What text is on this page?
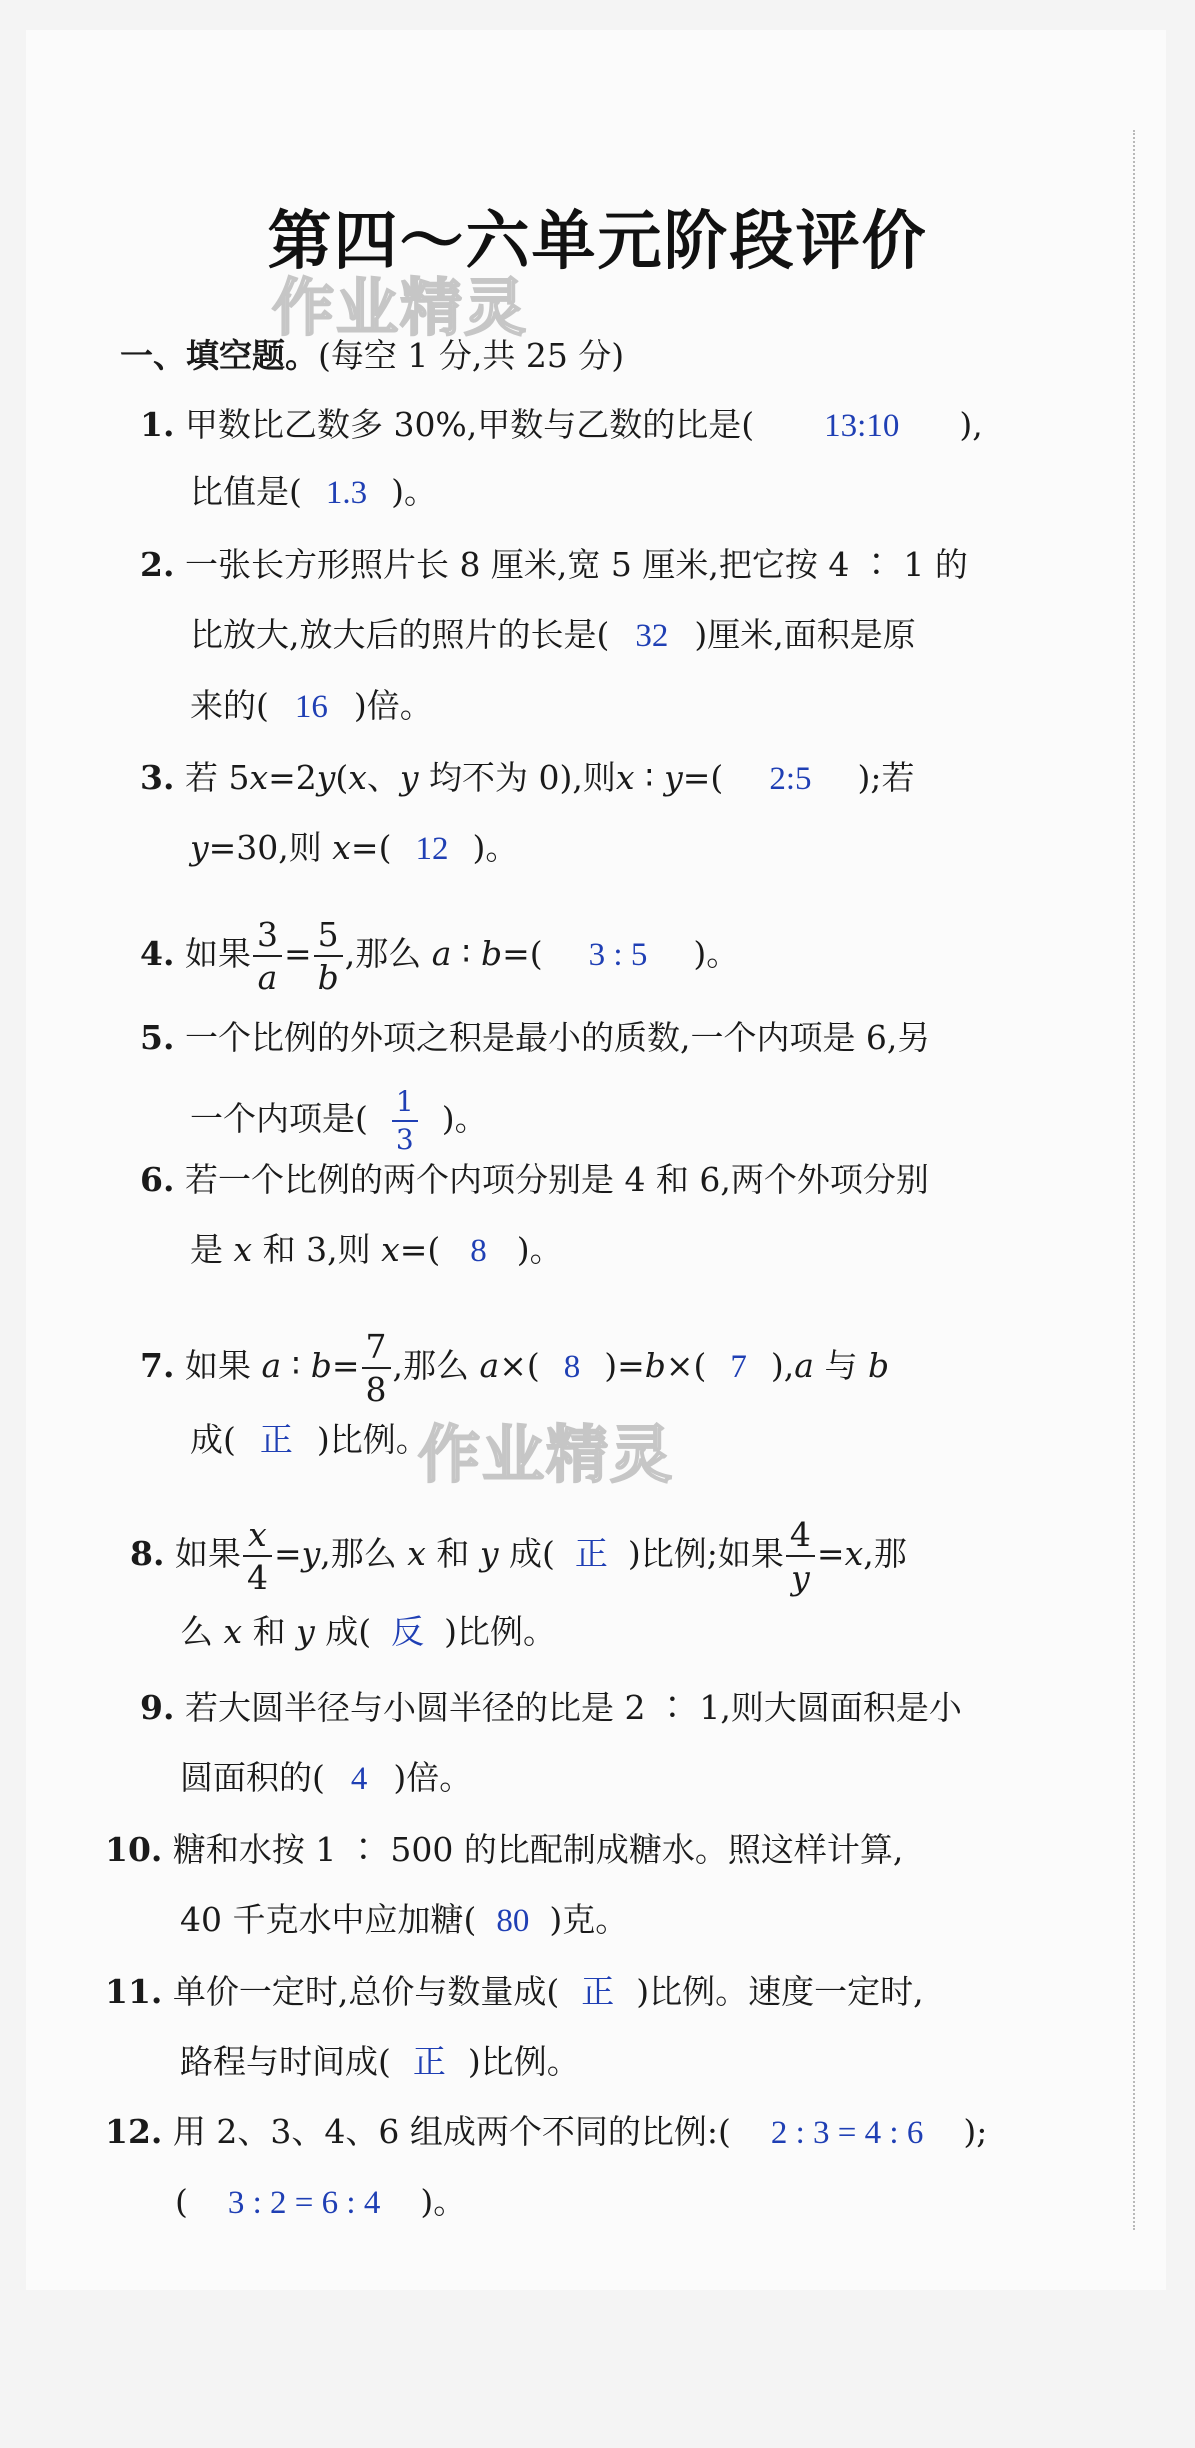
第四～六单元阶段评价
作业精灵
作业精灵
一、填空题。(每空 1 分,共 25 分)
1. 甲数比乙数多 30%,甲数与乙数的比是( 13:10 ),
比值是( 1.3 )。
2. 一张长方形照片长 8 厘米,宽 5 厘米,把它按 4 ∶ 1 的
比放大,放大后的照片的长是( 32 )厘米,面积是原
来的( 16 )倍。
3. 若 5x=2y(x、y 均不为 0),则x ∶ y=( 2:5 );若
y=30,则 x=( 12 )。
4. 如果 $\frac{3}{a} = \frac{5}{b}$ ,那么 a ∶ b=( 3 : 5 )。
5. 一个比例的外项之积是最小的质数,一个内项是 6,另
一个内项是( $\frac{1}{3}$ )。
6. 若一个比例的两个内项分别是 4 和 6,两个外项分别
是 x 和 3,则 x=( 8 )。
7. 如果 a ∶ $b= \frac{7}{8}$ ,那么 a×( 8 )=b×( 7 ),a 与 b
成( 正 )比例。
8. 如果 $\frac{x}{4} =y$,那么 x 和 y 成( 正 )比例;如果 $\frac{4}{y} =x$,那
么 x 和 y 成( 反 )比例。
9. 若大圆半径与小圆半径的比是 2 ∶ 1,则大圆面积是小
圆面积的( 4 )倍。
10. 糖和水按 1 ∶ 500 的比配制成糖水。照这样计算,
40 千克水中应加糖( 80 )克。
11. 单价一定时,总价与数量成( 正 )比例。速度一定时,
路程与时间成( 正 )比例。
12. 用 2、3、4、6 组成两个不同的比例:( 2 : 3 = 4 : 6 );
( 3 : 2 = 6 : 4 )。
